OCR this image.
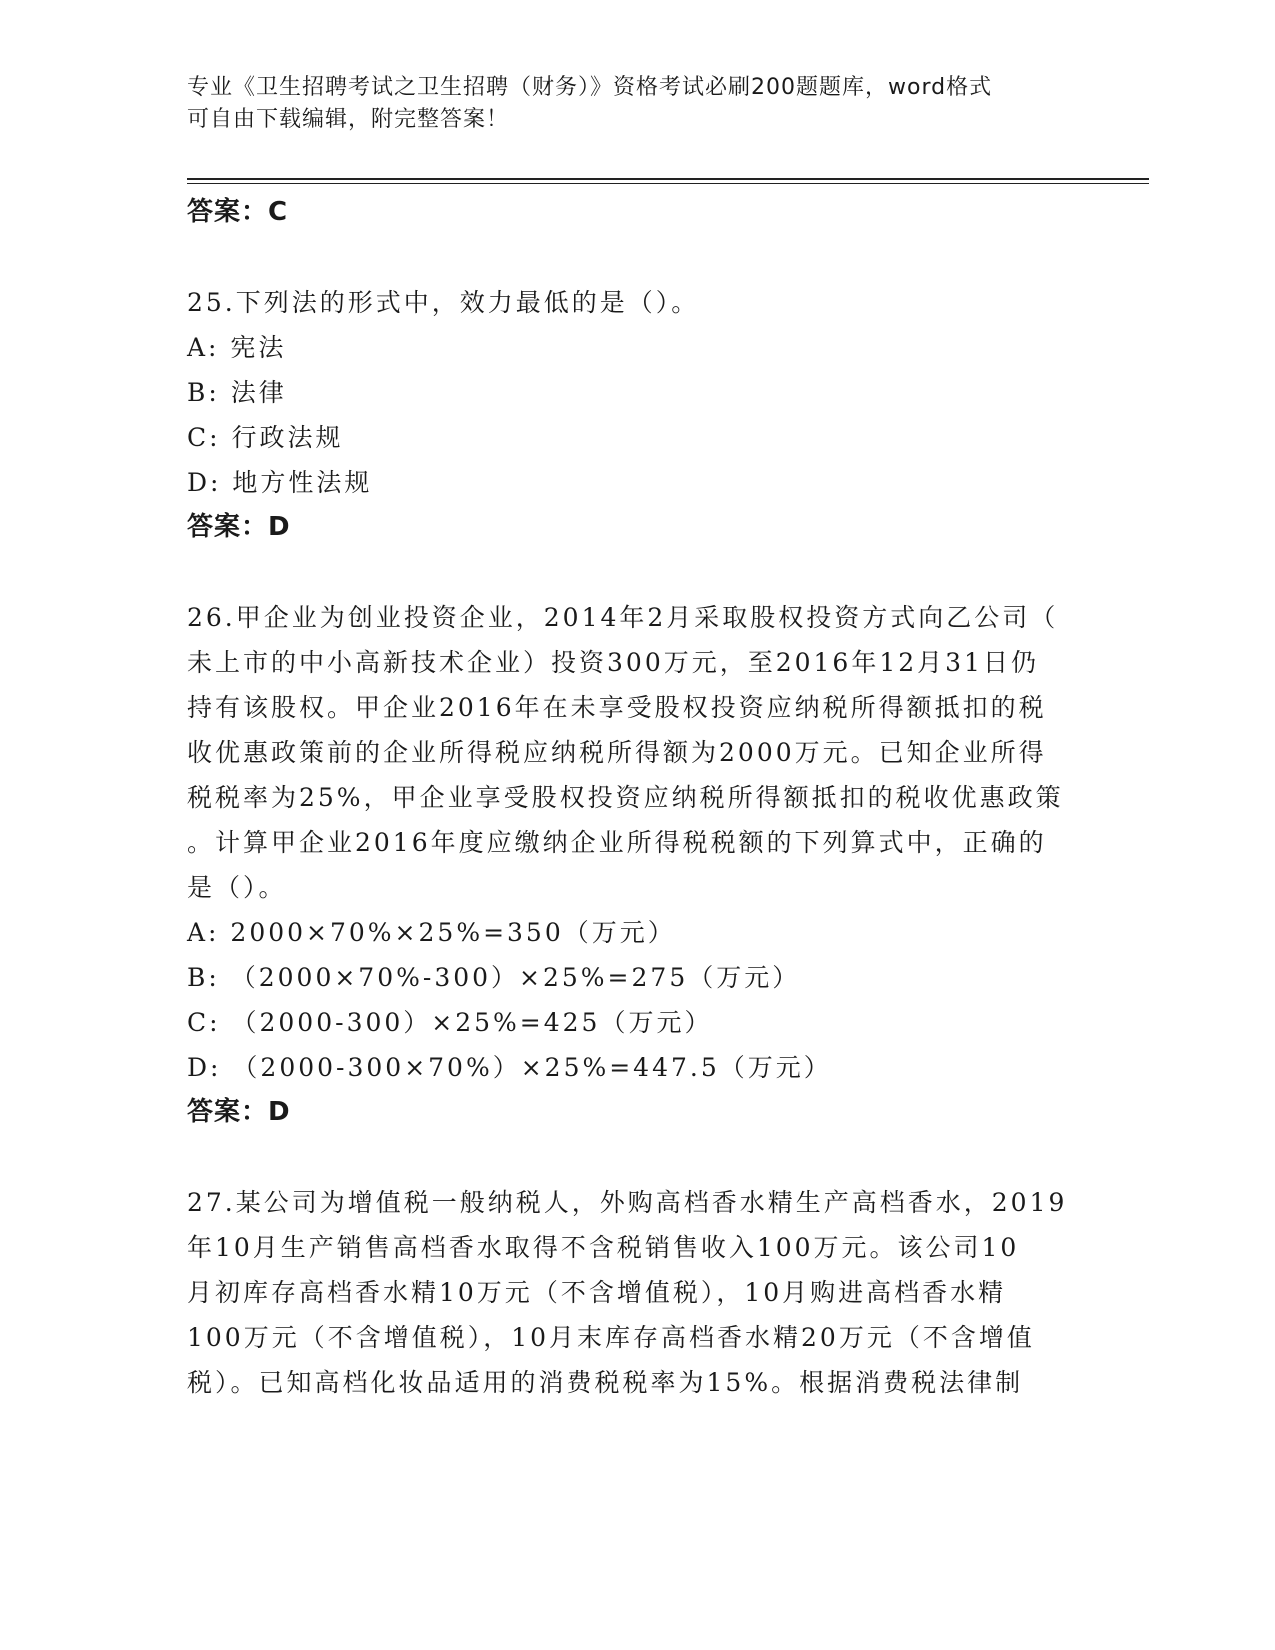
专业《卫生招聘考试之卫生招聘（财务）》资格考试必刷200题题库，word格式
可自由下载编辑，附完整答案！
答案：C
25.下列法的形式中，效力最低的是（）。
A: 宪法
B: 法律
C: 行政法规
D: 地方性法规
答案：D
26.甲企业为创业投资企业，2014年2月采取股权投资方式向乙公司（
未上市的中小高新技术企业）投资300万元，至2016年12月31日仍
持有该股权。甲企业2016年在未享受股权投资应纳税所得额抵扣的税
收优惠政策前的企业所得税应纳税所得额为2000万元。已知企业所得
税税率为25%，甲企业享受股权投资应纳税所得额抵扣的税收优惠政策
。计算甲企业2016年度应缴纳企业所得税税额的下列算式中，正确的
是（）。
A: 2000×70%×25%=350（万元）
B: （2000×70%-300）×25%=275（万元）
C: （2000-300）×25%=425（万元）
D: （2000-300×70%）×25%=447.5（万元）
答案：D
27.某公司为增值税一般纳税人，外购高档香水精生产高档香水，2019
年10月生产销售高档香水取得不含税销售收入100万元。该公司10
月初库存高档香水精10万元（不含增值税），10月购进高档香水精
100万元（不含增值税），10月末库存高档香水精20万元（不含增值
税）。已知高档化妆品适用的消费税税率为15%。根据消费税法律制
